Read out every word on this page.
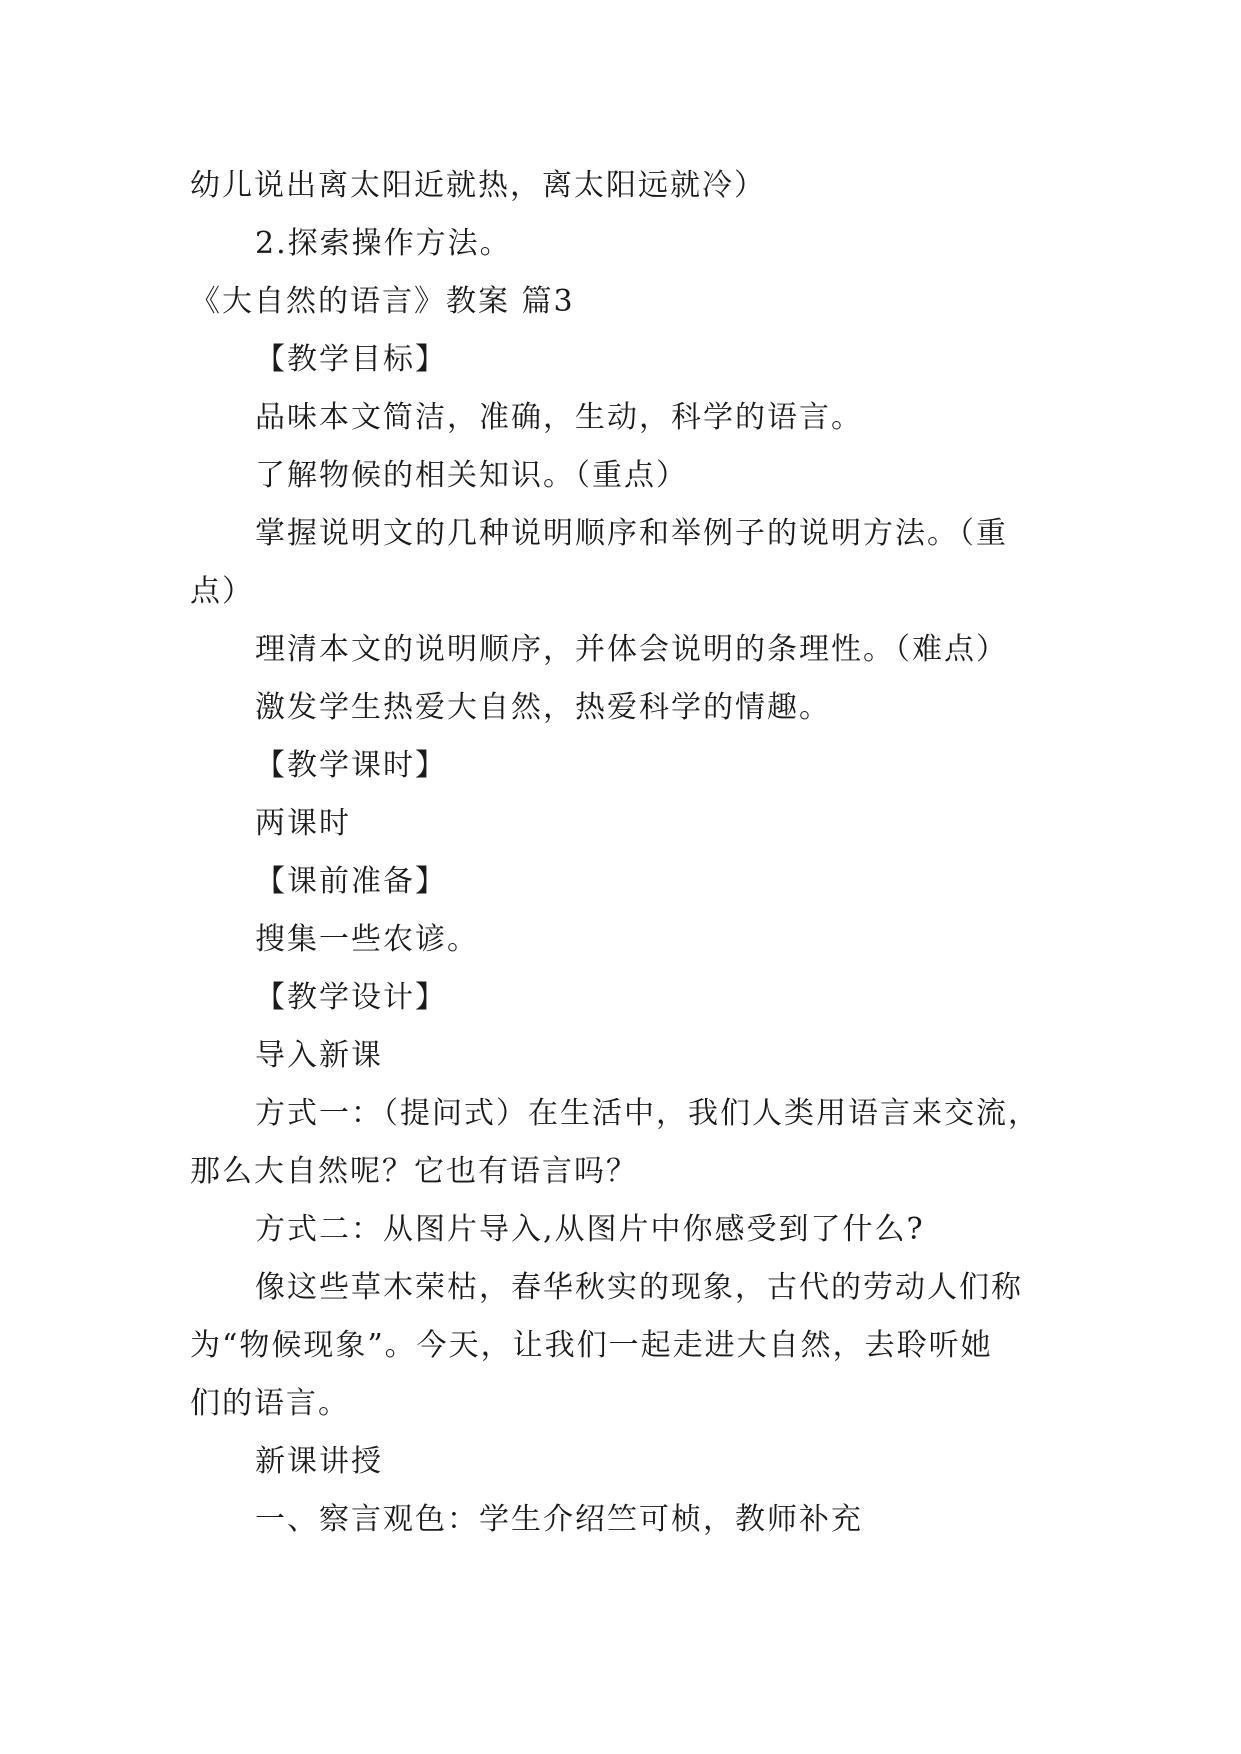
幼儿说出离太阳近就热，离太阳远就冷）
2.探索操作方法。
《大自然的语言》教案 篇3
【教学目标】
品味本文简洁，准确，生动，科学的语言。
了解物候的相关知识。（重点）
掌握说明文的几种说明顺序和举例子的说明方法。（重
点）
理清本文的说明顺序，并体会说明的条理性。（难点）
激发学生热爱大自然，热爱科学的情趣。
【教学课时】
两课时
【课前准备】
搜集一些农谚。
【教学设计】
导入新课
方式一：（提问式）在生活中，我们人类用语言来交流，
那么大自然呢？它也有语言吗？
方式二：从图片导入,从图片中你感受到了什么?
像这些草木荣枯，春华秋实的现象，古代的劳动人们称
为“物候现象”。今天，让我们一起走进大自然，去聆听她
们的语言。
新课讲授
一、察言观色：学生介绍竺可桢，教师补充
